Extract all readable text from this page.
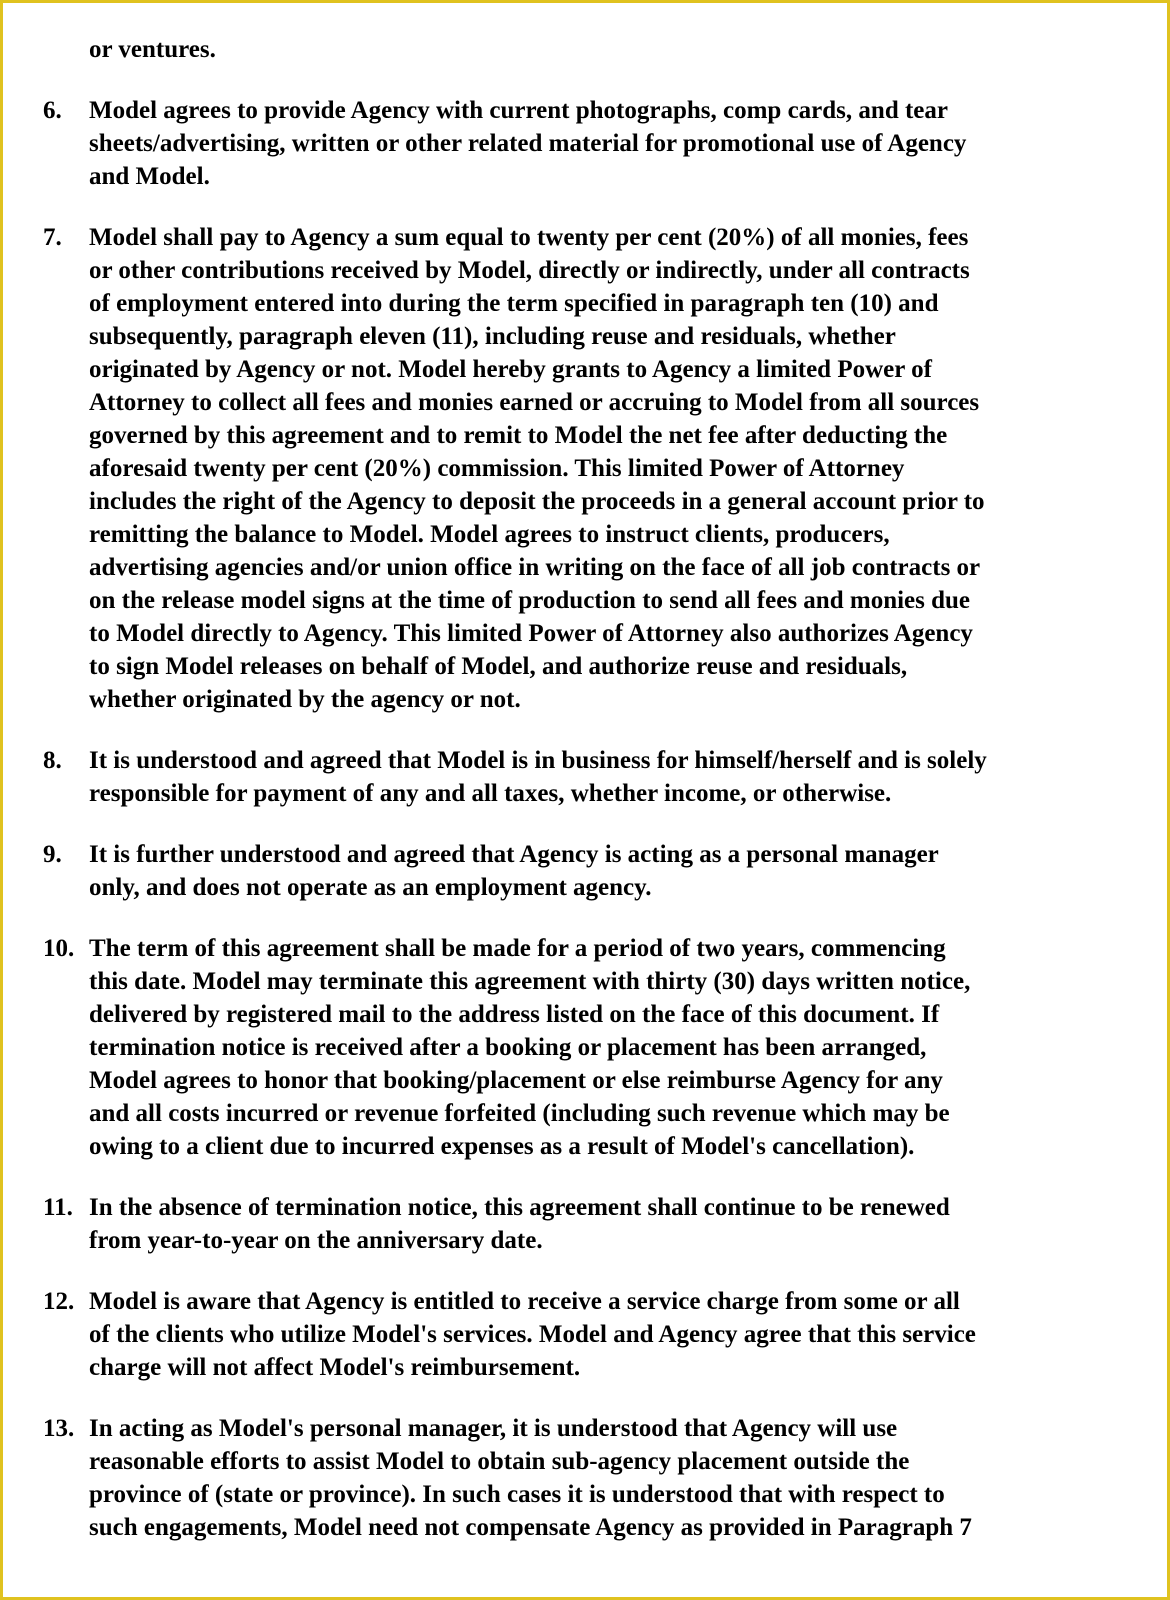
or ventures.

6.	Model agrees to provide Agency with current photographs, comp cards, and tear
sheets/advertising, written or other related material for promotional use of Agency
and Model.
7.	Model shall pay to Agency a sum equal to twenty per cent (20%) of all monies, fees
or other contributions received by Model, directly or indirectly, under all contracts
of employment entered into during the term specified in paragraph ten (10) and
subsequently, paragraph eleven (11), including reuse and residuals, whether
originated by Agency or not. Model hereby grants to Agency a limited Power of
Attorney to collect all fees and monies earned or accruing to Model from all sources
governed by this agreement and to remit to Model the net fee after deducting the
aforesaid twenty per cent (20%) commission. This limited Power of Attorney
includes the right of the Agency to deposit the proceeds in a general account prior to
remitting the balance to Model. Model agrees to instruct clients, producers,
advertising agencies and/or union office in writing on the face of all job contracts or
on the release model signs at the time of production to send all fees and monies due
to Model directly to Agency. This limited Power of Attorney also authorizes Agency
to sign Model releases on behalf of Model, and authorize reuse and residuals,
whether originated by the agency or not.
8.	It is understood and agreed that Model is in business for himself/herself and is solely
responsible for payment of any and all taxes, whether income, or otherwise.
9.	It is further understood and agreed that Agency is acting as a personal manager
only, and does not operate as an employment agency.
10. The term of this agreement shall be made for a period of two years, commencing
this date. Model may terminate this agreement with thirty (30) days written notice,
delivered by registered mail to the address listed on the face of this document. If
termination notice is received after a booking or placement has been arranged,
Model agrees to honor that booking/placement or else reimburse Agency for any
and all costs incurred or revenue forfeited (including such revenue which may be
owing to a client due to incurred expenses as a result of Model's cancellation).
11. In the absence of termination notice, this agreement shall continue to be renewed
from year-to-year on the anniversary date.
12. Model is aware that Agency is entitled to receive a service charge from some or all
of the clients who utilize Model's services. Model and Agency agree that this service
charge will not affect Model's reimbursement.
13. In acting as Model's personal manager, it is understood that Agency will use
reasonable efforts to assist Model to obtain sub-agency placement outside the
province of (state or province). In such cases it is understood that with respect to
such engagements, Model need not compensate Agency as provided in Paragraph 7
